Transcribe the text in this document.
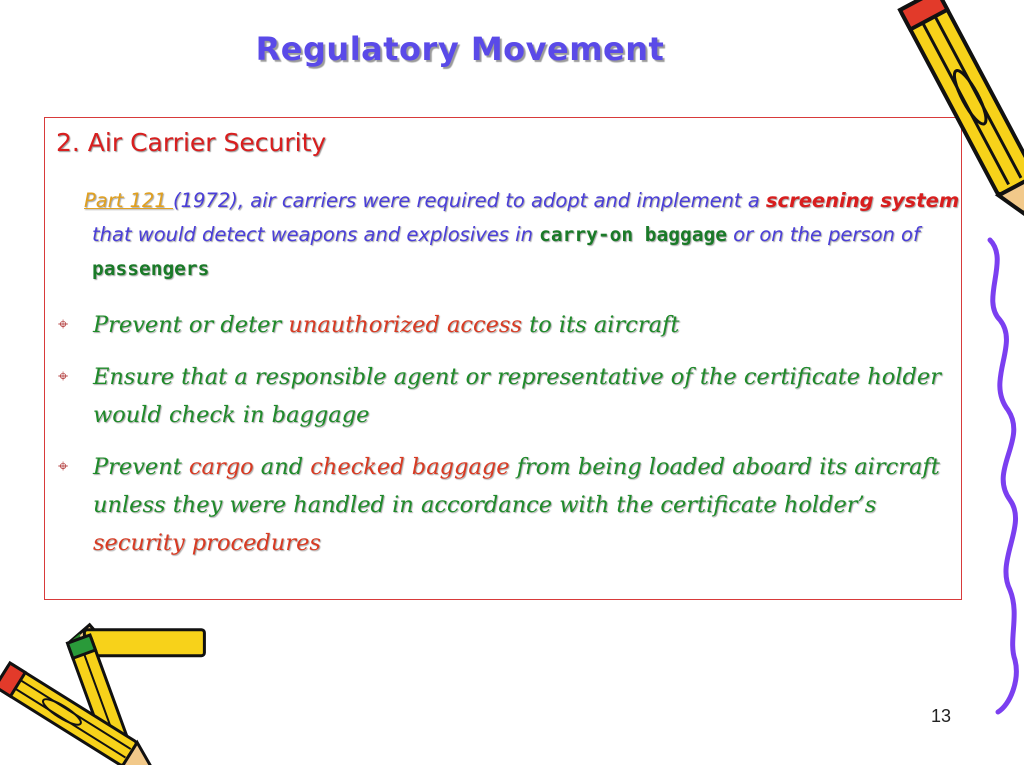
Regulatory Movement
2. Air Carrier Security
Part 121 (1972), air carriers were required to adopt and implement a screening system that would detect weapons and explosives in carry-on baggage or on the person of passengers
⌖ Prevent or deter unauthorized access to its aircraft
⌖ Ensure that a responsible agent or representative of the certificate holder would check in baggage
⌖ Prevent cargo and checked baggage from being loaded aboard its aircraft unless they were handled in accordance with the certificate holder’s security procedures
13
